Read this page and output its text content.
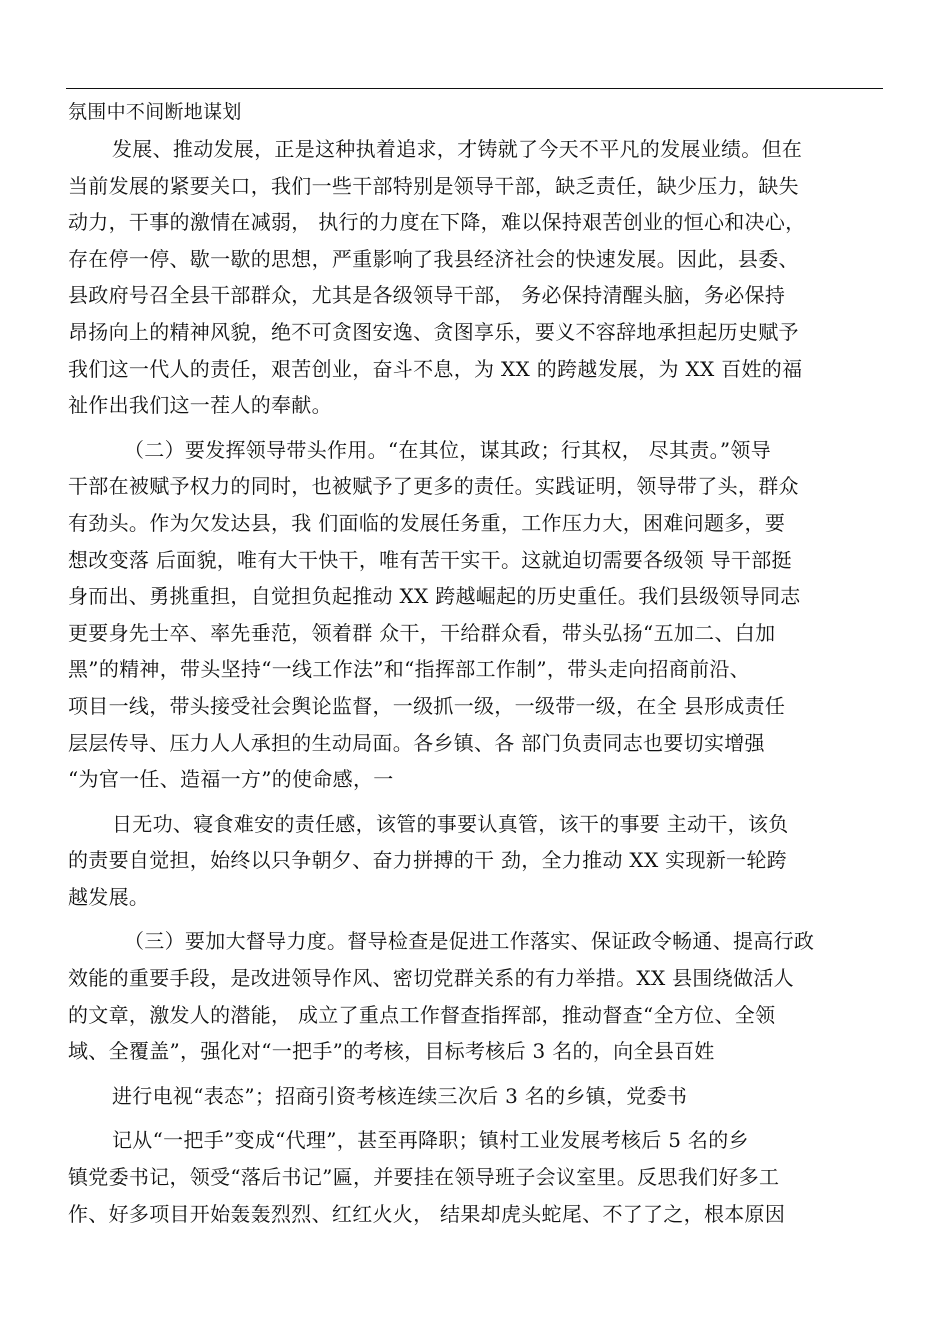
氛围中不间断地谋划
发展、推动发展，正是这种执着追求，才铸就了今天不平凡的发展业绩。但在
当前发展的紧要关口，我们一些干部特别是领导干部，缺乏责任，缺少压力，缺失
动力，干事的激情在减弱， 执行的力度在下降，难以保持艰苦创业的恒心和决心，
存在停一停、歇一歇的思想，严重影响了我县经济社会的快速发展。因此，县委、
县政府号召全县干部群众，尤其是各级领导干部， 务必保持清醒头脑，务必保持
昂扬向上的精神风貌，绝不可贪图安逸、贪图享乐，要义不容辞地承担起历史赋予
我们这一代人的责任，艰苦创业，奋斗不息，为 XX 的跨越发展，为 XX 百姓的福
祉作出我们这一茬人的奉献。
（二）要发挥领导带头作用。“在其位，谋其政；行其权， 尽其责。”领导
干部在被赋予权力的同时，也被赋予了更多的责任。实践证明，领导带了头，群众
有劲头。作为欠发达县，我 们面临的发展任务重，工作压力大，困难问题多，要
想改变落 后面貌，唯有大干快干，唯有苦干实干。这就迫切需要各级领 导干部挺
身而出、勇挑重担，自觉担负起推动 XX 跨越崛起的历史重任。我们县级领导同志
更要身先士卒、率先垂范，领着群 众干，干给群众看，带头弘扬“五加二、白加
黑”的精神，带头坚持“一线工作法”和“指挥部工作制”，带头走向招商前沿、
项目一线，带头接受社会舆论监督，一级抓一级，一级带一级，在全 县形成责任
层层传导、压力人人承担的生动局面。各乡镇、各 部门负责同志也要切实增强
“为官一任、造福一方”的使命感，一
日无功、寝食难安的责任感，该管的事要认真管，该干的事要 主动干，该负
的责要自觉担，始终以只争朝夕、奋力拼搏的干 劲，全力推动 XX 实现新一轮跨
越发展。
（三）要加大督导力度。督导检查是促进工作落实、保证政令畅通、提高行政
效能的重要手段，是改进领导作风、密切党群关系的有力举措。XX 县围绕做活人
的文章，激发人的潜能， 成立了重点工作督查指挥部，推动督查“全方位、全领
域、全覆盖”，强化对“一把手”的考核，目标考核后 3 名的，向全县百姓
进行电视“表态”；招商引资考核连续三次后 3 名的乡镇，党委书
记从“一把手”变成“代理”，甚至再降职；镇村工业发展考核后 5 名的乡
镇党委书记，领受“落后书记”匾，并要挂在领导班子会议室里。反思我们好多工
作、好多项目开始轰轰烈烈、红红火火， 结果却虎头蛇尾、不了了之，根本原因
